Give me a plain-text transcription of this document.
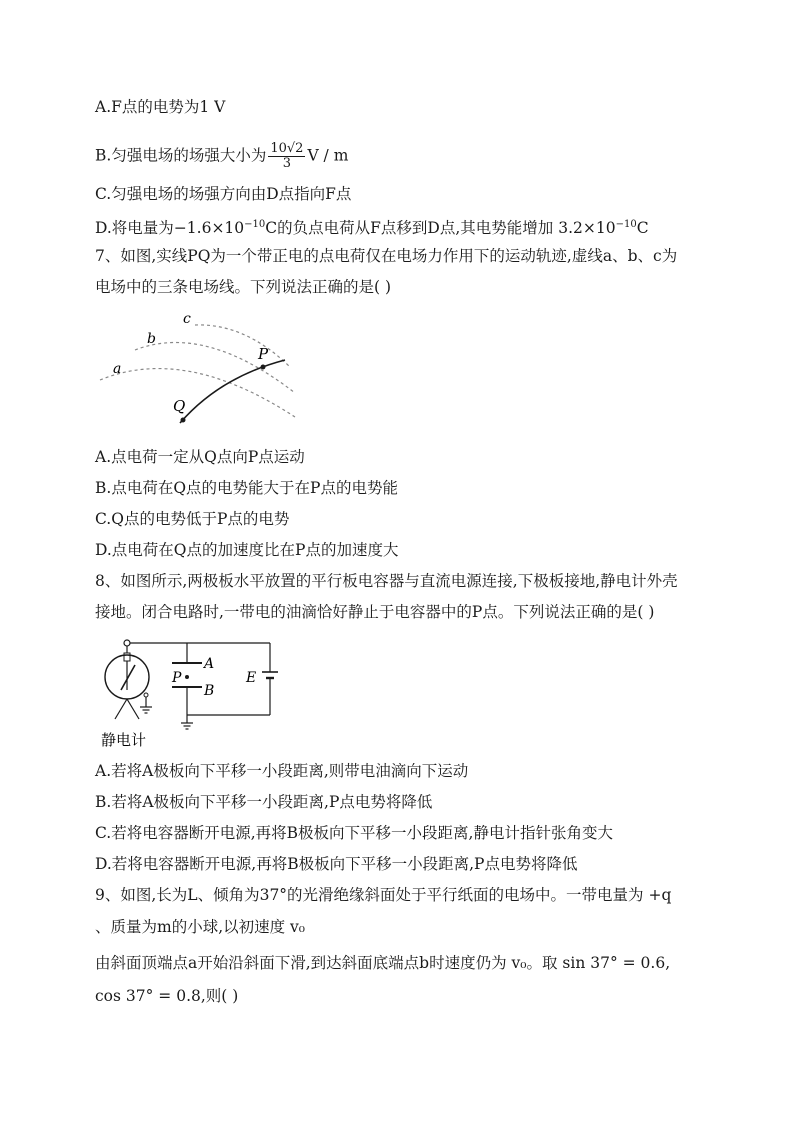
A.F点的电势为1 V
B.匀强电场的场强大小为 $\frac{10√2}{3}$ V / m
C.匀强电场的场强方向由D点指向F点
D.将电量为$-1.6\times 10^{-10}C$的负点电荷从F点移到D点,其电势能增加 $3.2\times 10^{-10}C$
7、如图,实线PQ为一个带正电的点电荷仅在电场力作用下的运动轨迹,虚线a、b、c为
电场中的三条电场线。下列说法正确的是( )
a
b
c
P
Q
A.点电荷一定从Q点向P点运动
B.点电荷在Q点的电势能大于在P点的电势能
C.Q点的电势低于P点的电势
D.点电荷在Q点的加速度比在P点的加速度大
8、如图所示,两极板水平放置的平行板电容器与直流电源连接,下极板接地,静电计外壳
接地。闭合电路时,一带电的油滴恰好静止于电容器中的P点。下列说法正确的是( )
A
B
P	E
静电计
A.若将A极板向下平移一小段距离,则带电油滴向下运动
B.若将A极板向下平移一小段距离,P点电势将降低
C.若将电容器断开电源,再将B极板向下平移一小段距离,静电计指针张角变大
D.若将电容器断开电源,再将B极板向下平移一小段距离,P点电势将降低
9、如图,长为L、倾角为37°的光滑绝缘斜面处于平行纸面的电场中。一带电量为 +q
、质量为m的小球,以初速度 v₀
由斜面顶端点a开始沿斜面下滑,到达斜面底端点b时速度仍为 v₀。取 sin 37° = 0.6,
cos 37° = 0.8,则( )
